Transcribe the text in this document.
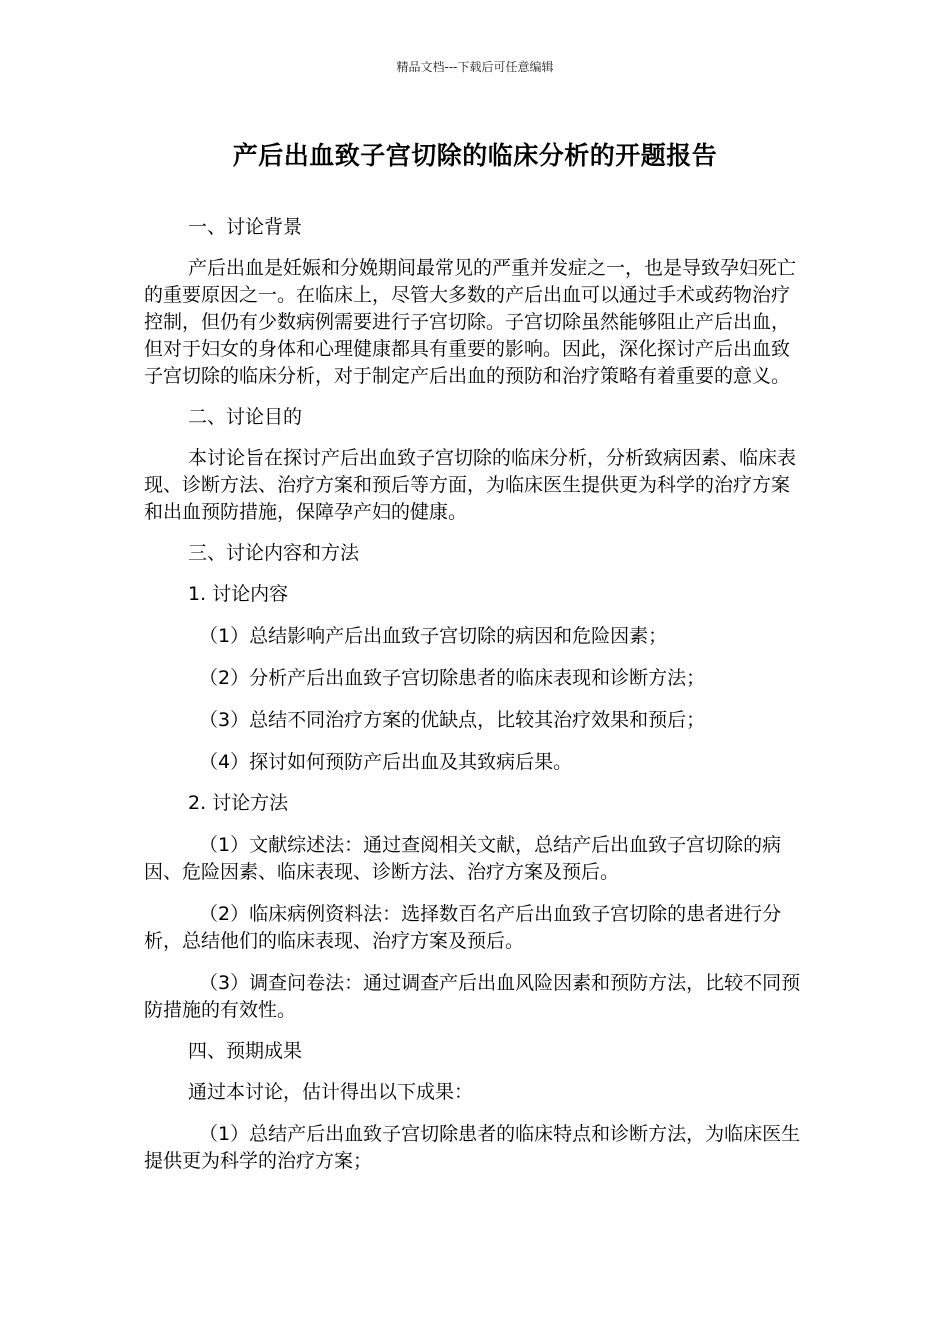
精品文档---下载后可任意编辑
产后出血致子宫切除的临床分析的开题报告

一、讨论背景

产后出血是妊娠和分娩期间最常见的严重并发症之一，也是导致孕妇死亡的重要原因之一。在临床上，尽管大多数的产后出血可以通过手术或药物治疗控制，但仍有少数病例需要进行子宫切除。子宫切除虽然能够阻止产后出血，但对于妇女的身体和心理健康都具有重要的影响。因此，深化探讨产后出血致子宫切除的临床分析，对于制定产后出血的预防和治疗策略有着重要的意义。

二、讨论目的

本讨论旨在探讨产后出血致子宫切除的临床分析，分析致病因素、临床表现、诊断方法、治疗方案和预后等方面，为临床医生提供更为科学的治疗方案和出血预防措施，保障孕产妇的健康。

三、讨论内容和方法

1. 讨论内容

（1）总结影响产后出血致子宫切除的病因和危险因素；

（2）分析产后出血致子宫切除患者的临床表现和诊断方法；

（3）总结不同治疗方案的优缺点，比较其治疗效果和预后；

（4）探讨如何预防产后出血及其致病后果。

2. 讨论方法

（1）文献综述法：通过查阅相关文献，总结产后出血致子宫切除的病因、危险因素、临床表现、诊断方法、治疗方案及预后。

（2）临床病例资料法：选择数百名产后出血致子宫切除的患者进行分析，总结他们的临床表现、治疗方案及预后。

（3）调查问卷法：通过调查产后出血风险因素和预防方法，比较不同预防措施的有效性。

四、预期成果

通过本讨论，估计得出以下成果：

（1）总结产后出血致子宫切除患者的临床特点和诊断方法，为临床医生提供更为科学的治疗方案；
